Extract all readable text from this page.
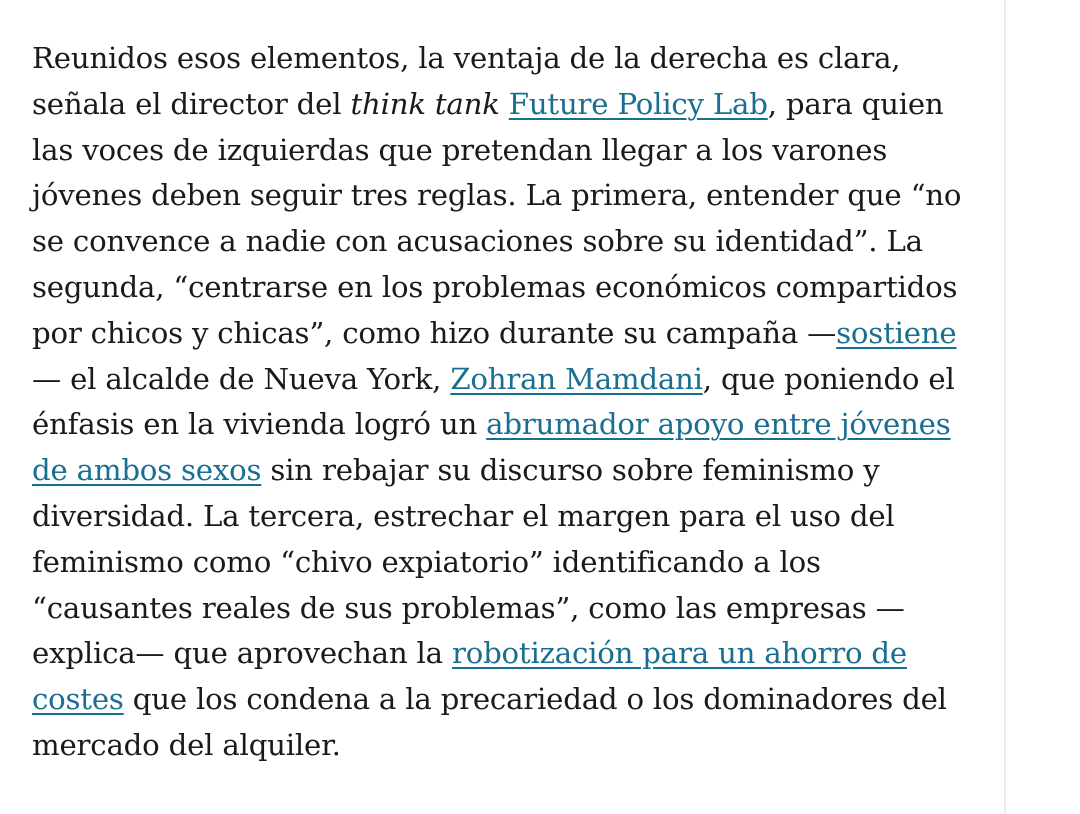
Reunidos esos elementos, la ventaja de la derecha es clara,
señala el director del think tank Future Policy Lab, para quien
las voces de izquierdas que pretendan llegar a los varones
jóvenes deben seguir tres reglas. La primera, entender que “no
se convence a nadie con acusaciones sobre su identidad”. La
segunda, “centrarse en los problemas económicos compartidos
por chicos y chicas”, como hizo durante su campaña —sostiene
— el alcalde de Nueva York, Zohran Mamdani, que poniendo el
énfasis en la vivienda logró un abrumador apoyo entre jóvenes
de ambos sexos sin rebajar su discurso sobre feminismo y
diversidad. La tercera, estrechar el margen para el uso del
feminismo como “chivo expiatorio” identificando a los
“causantes reales de sus problemas”, como las empresas —
explica— que aprovechan la robotización para un ahorro de
costes que los condena a la precariedad o los dominadores del
mercado del alquiler.
